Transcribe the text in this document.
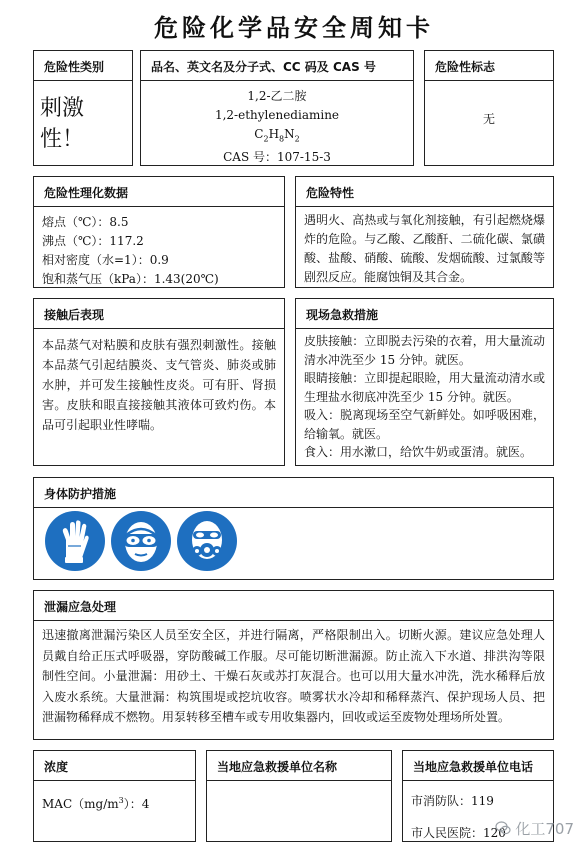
危险化学品安全周知卡
危险性类别
刺激性！
品名、英文名及分子式、CC 码及 CAS 号
1,2-乙二胺
1,2-ethylenediamine
$C_2H_8N_2$
CAS 号：107-15-3
危险性标志
无
危险性理化数据
熔点（℃）：8.5
沸点（℃）：117.2
相对密度（水=1）：0.9
饱和蒸气压（kPa）：1.43(20℃)
危险特性
遇明火、高热或与氧化剂接触，有引起燃烧爆炸的危险。与乙酸、乙酸酐、二硫化碳、氯磺酸、盐酸、硝酸、硫酸、发烟硫酸、过氯酸等剧烈反应。能腐蚀铜及其合金。
接触后表现
本品蒸气对粘膜和皮肤有强烈刺激性。接触本品蒸气引起结膜炎、支气管炎、肺炎或肺水肿，并可发生接触性皮炎。可有肝、肾损害。皮肤和眼直接接触其液体可致灼伤。本品可引起职业性哮喘。
现场急救措施
皮肤接触：立即脱去污染的衣着，用大量流动清水冲洗至少 15 分钟。就医。
眼睛接触：立即提起眼睑，用大量流动清水或生理盐水彻底冲洗至少 15 分钟。就医。
吸入：脱离现场至空气新鲜处。如呼吸困难，给输氧。就医。
食入：用水漱口，给饮牛奶或蛋清。就医。
身体防护措施
泄漏应急处理
迅速撤离泄漏污染区人员至安全区，并进行隔离，严格限制出入。切断火源。建议应急处理人员戴自给正压式呼吸器，穿防酸碱工作服。尽可能切断泄漏源。防止流入下水道、排洪沟等限制性空间。小量泄漏：用砂土、干燥石灰或苏打灰混合。也可以用大量水冲洗，洗水稀释后放入废水系统。大量泄漏：构筑围堤或挖坑收容。喷雾状水冷却和稀释蒸汽、保护现场人员、把泄漏物稀释成不燃物。用泵转移至槽车或专用收集器内，回收或运至废物处理场所处置。
浓度
$MAC(mg/m^3)$：4
当地应急救援单位名称	当地应急救援单位电话
市消防队：119
市人民医院：120 化工707
